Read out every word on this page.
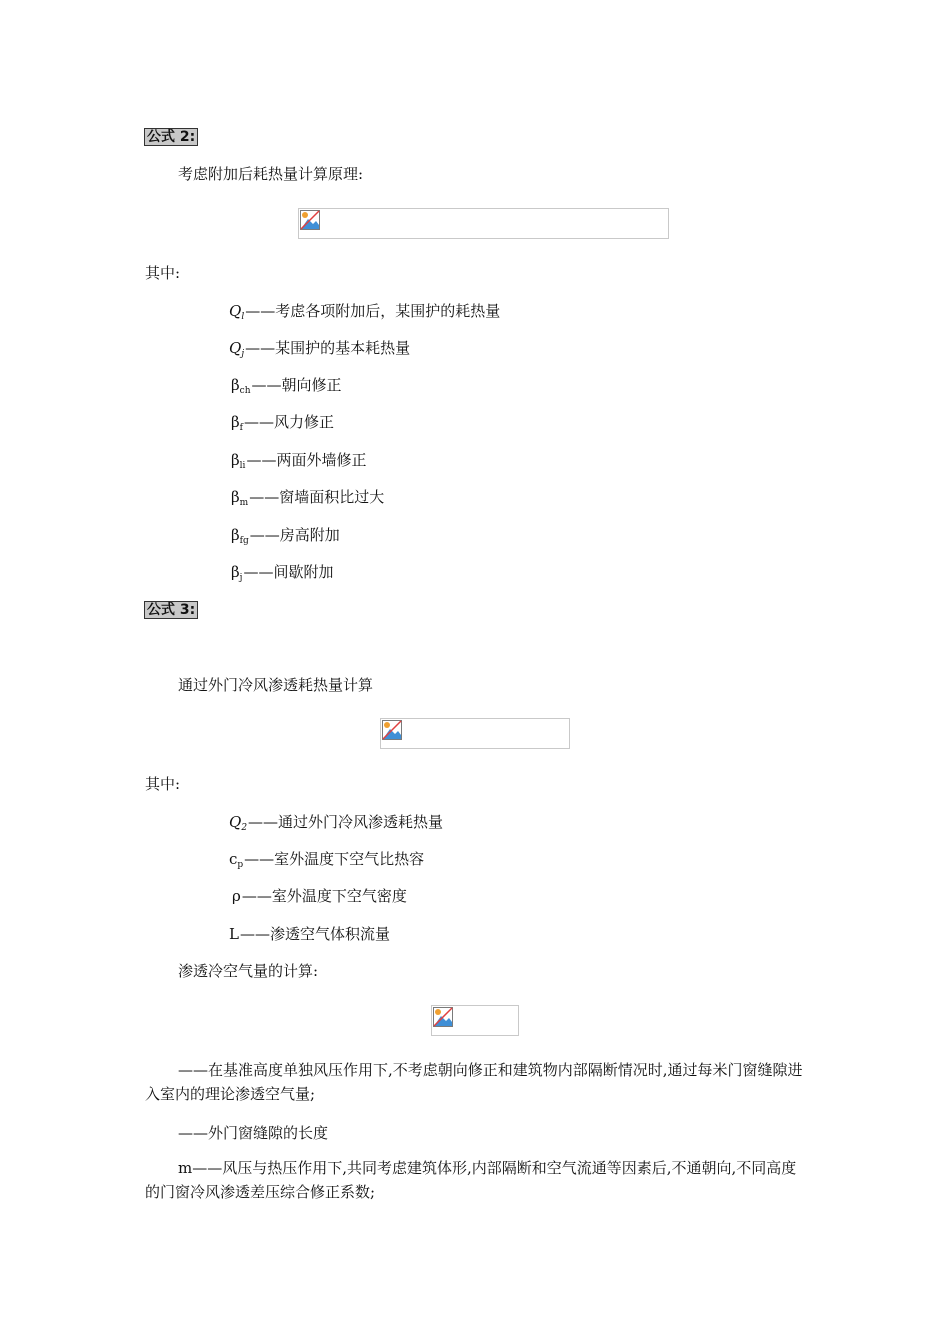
公式 2:
考虑附加后耗热量计算原理:
其中:
$Q_l——$考虑各项附加后，某围护的耗热量
$Q_j——$某围护的基本耗热量
$\beta_{ch}——$朝向修正
$\beta_f——$风力修正
$\beta_{li}——$两面外墙修正
$\beta_m——$窗墙面积比过大
$\beta_{fg}——$房高附加
$\beta_j——$间歇附加
公式 3:
通过外门冷风渗透耗热量计算
其中:
$Q_2——$通过外门冷风渗透耗热量
$c_p——$室外温度下空气比热容
ρ——室外温度下空气密度
L——渗透空气体积流量
渗透冷空气量的计算:
——在基准高度单独风压作用下,不考虑朝向修正和建筑物内部隔断情况时,通过每米门窗缝隙进入室内的理论渗透空气量;
——外门窗缝隙的长度
m——风压与热压作用下,共同考虑建筑体形,内部隔断和空气流通等因素后,不通朝向,不同高度的门窗冷风渗透差压综合修正系数;
